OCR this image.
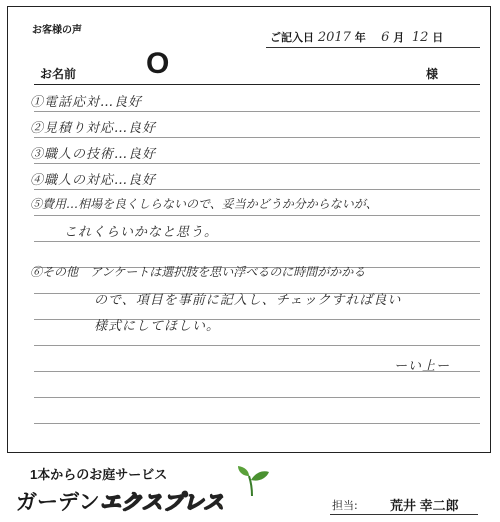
お客様の声
ご記入日 2017 年 6 月 12 日
お名前 O	様
①電話応対…良好
②見積り対応…良好
③職人の技術…良好
④職人の対応…良好
⑤費用…相場を良くしらないので、妥当かどうか分からないが、
これくらいかなと思う。
⑥その他　アンケートは選択肢を思い浮べるのに時間がかかる
ので、項目を事前に記入し、チェックすれば良い
様式にしてほしい。
ーい上ー
1本からのお庭サービス
ガーデンエクスプレス	担当: 荒井 幸二郎
